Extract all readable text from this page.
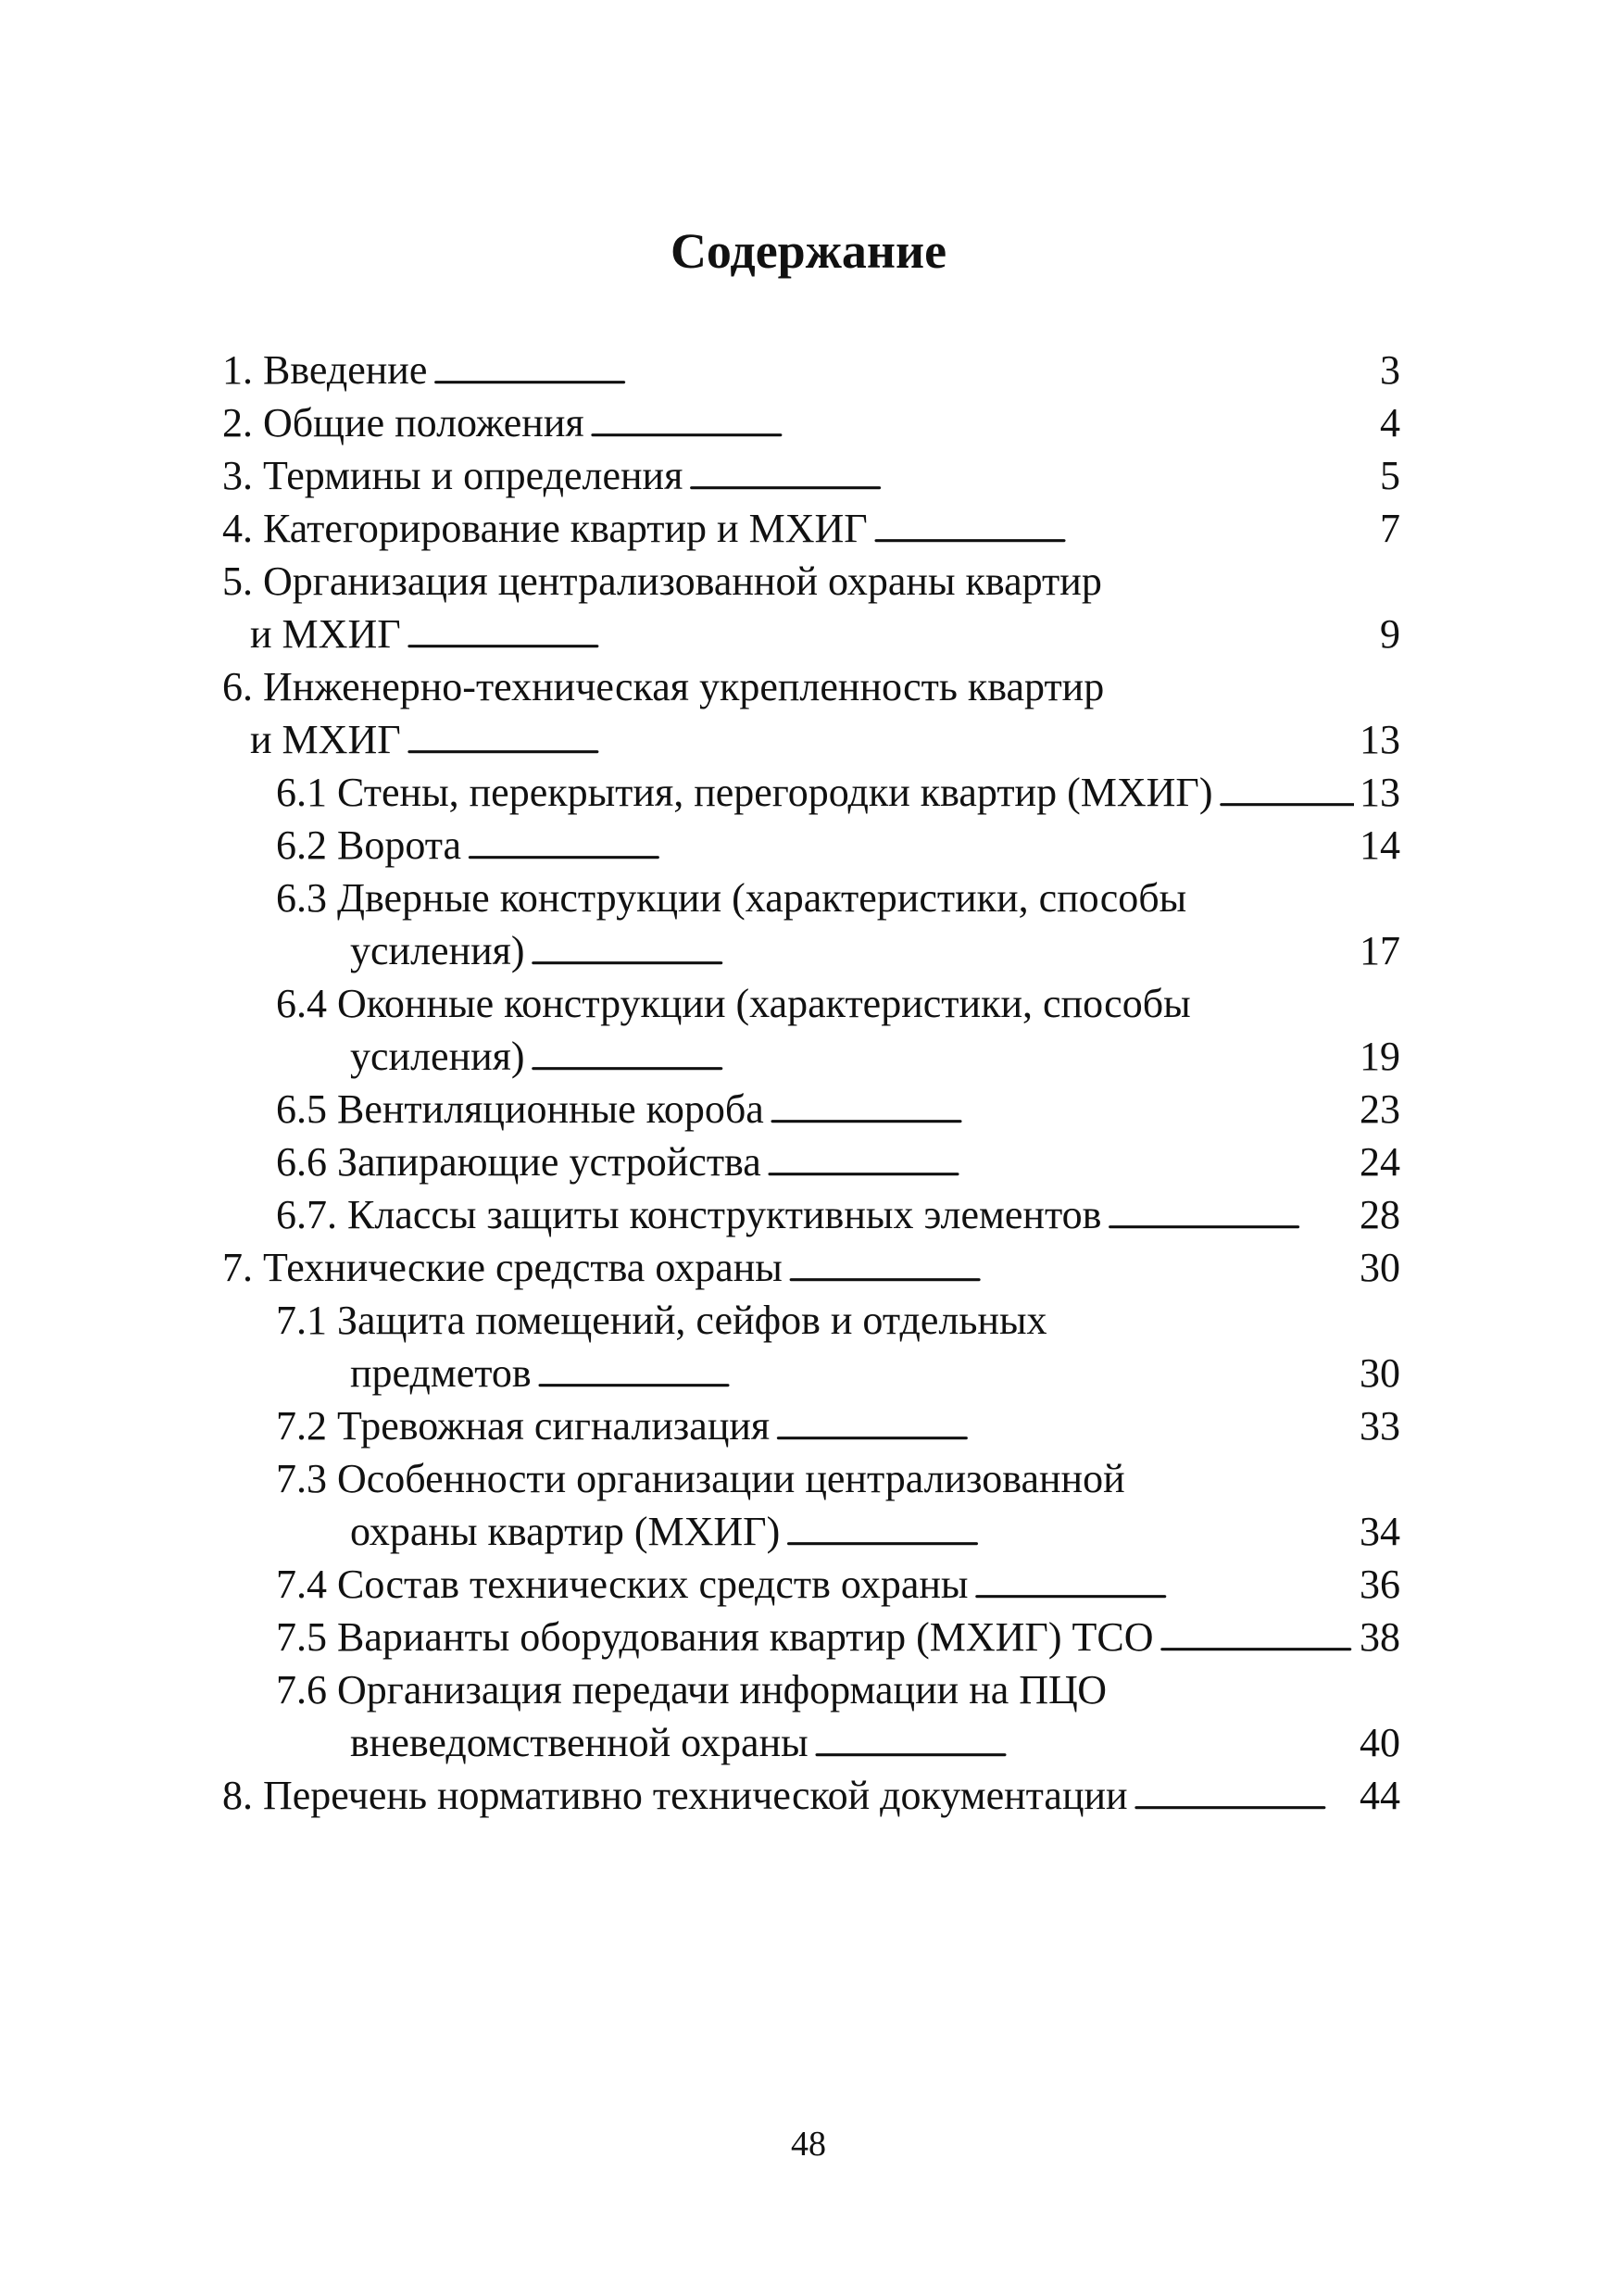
Содержание
1. Введение . . .	3
2. Общие положения . . .	4
3. Термины и определения . . .	5
4. Категорирование квартир и МХИГ . . .	7
5. Организация централизованной охраны квартир
и МХИГ . . .	9
6. Инженерно-техническая укрепленность квартир
и МХИГ . . .	13
6.1 Стены, перекрытия, перегородки квартир (МХИГ) . . .	13
6.2 Ворота . . .	14
6.3 Дверные конструкции (характеристики, способы
усиления) . . .	17
6.4 Оконные конструкции (характеристики, способы
усиления) . . .	19
6.5 Вентиляционные короба . . .	23
6.6 Запирающие устройства . . .	24
6.7. Классы защиты конструктивных элементов . . .	28
7. Технические средства охраны . . .	30
7.1 Защита помещений, сейфов и отдельных
предметов . . .	30
7.2 Тревожная сигнализация . . .	33
7.3 Особенности организации централизованной
охраны квартир (МХИГ) . . .	34
7.4 Состав технических средств охраны . . .	36
7.5 Варианты оборудования квартир (МХИГ) ТСО . . .	38
7.6 Организация передачи информации на ПЦО
вневедомственной охраны . . .	40
8. Перечень нормативно технической документации . . .	44
48
